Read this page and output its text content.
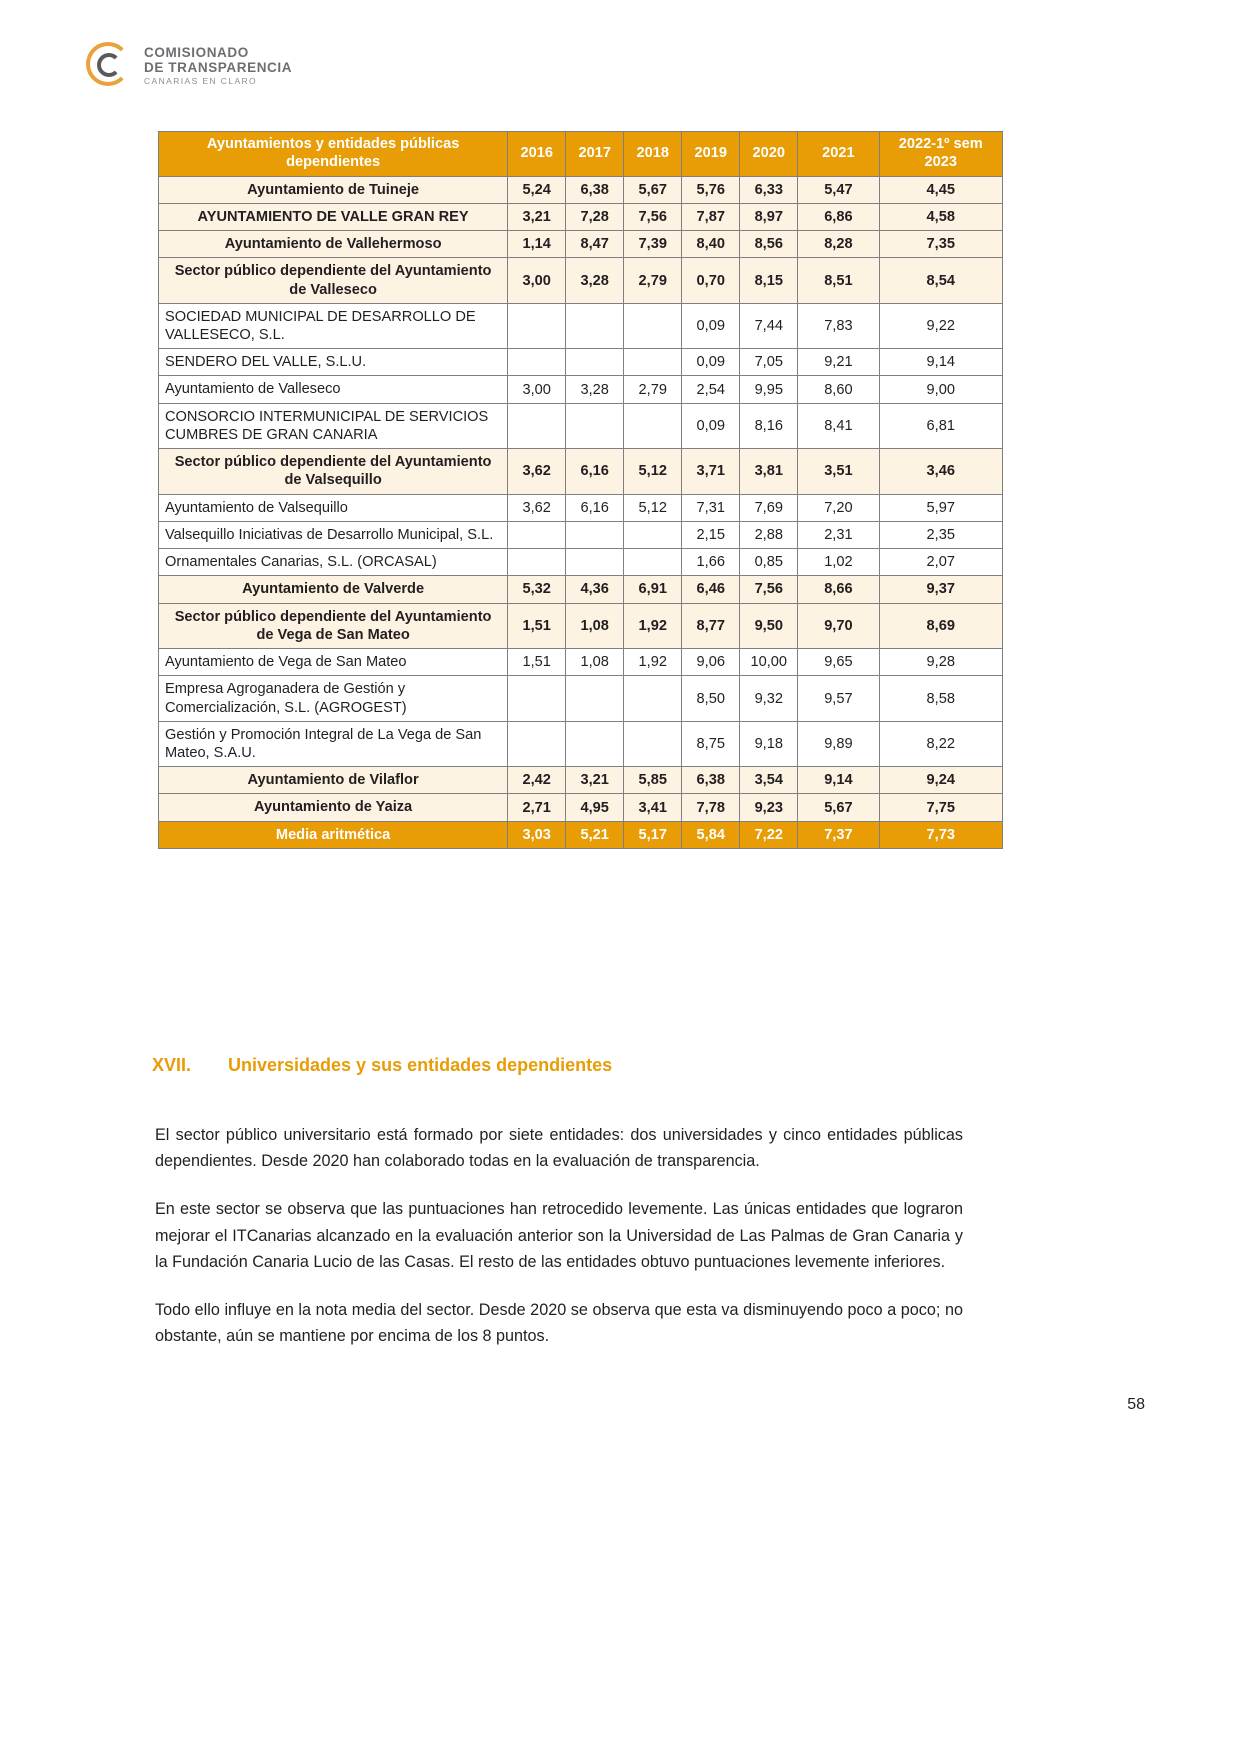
COMISIONADO
DE TRANSPARENCIA
CANARIAS EN CLARO
Ayuntamientos y entidades públicas dependientes	2016	2017	2018	2019	2020	2021	2022-1º sem 2023
Ayuntamiento de Tuineje	5,24	6,38	5,67	5,76	6,33	5,47	4,45
AYUNTAMIENTO DE VALLE GRAN REY	3,21	7,28	7,56	7,87	8,97	6,86	4,58
Ayuntamiento de Vallehermoso	1,14	8,47	7,39	8,40	8,56	8,28	7,35
Sector público dependiente del Ayuntamiento de Valleseco	3,00	3,28	2,79	0,70	8,15	8,51	8,54
SOCIEDAD MUNICIPAL DE DESARROLLO DE VALLESECO, S.L.				0,09	7,44	7,83	9,22
SENDERO DEL VALLE, S.L.U.				0,09	7,05	9,21	9,14
Ayuntamiento de Valleseco	3,00	3,28	2,79	2,54	9,95	8,60	9,00
CONSORCIO INTERMUNICIPAL DE SERVICIOS CUMBRES DE GRAN CANARIA				0,09	8,16	8,41	6,81
Sector público dependiente del Ayuntamiento de Valsequillo	3,62	6,16	5,12	3,71	3,81	3,51	3,46
Ayuntamiento de Valsequillo	3,62	6,16	5,12	7,31	7,69	7,20	5,97
Valsequillo Iniciativas de Desarrollo Municipal, S.L.				2,15	2,88	2,31	2,35
Ornamentales Canarias, S.L. (ORCASAL)				1,66	0,85	1,02	2,07
Ayuntamiento de Valverde	5,32	4,36	6,91	6,46	7,56	8,66	9,37
Sector público dependiente del Ayuntamiento de Vega de San Mateo	1,51	1,08	1,92	8,77	9,50	9,70	8,69
Ayuntamiento de Vega de San Mateo	1,51	1,08	1,92	9,06	10,00	9,65	9,28
Empresa Agroganadera de Gestión y Comercialización, S.L. (AGROGEST)				8,50	9,32	9,57	8,58
Gestión y Promoción Integral de La Vega de San Mateo, S.A.U.				8,75	9,18	9,89	8,22
Ayuntamiento de Vilaflor	2,42	3,21	5,85	6,38	3,54	9,14	9,24
Ayuntamiento de Yaiza	2,71	4,95	3,41	7,78	9,23	5,67	7,75
Media aritmética	3,03	5,21	5,17	5,84	7,22	7,37	7,73
XVII. Universidades y sus entidades dependientes

El sector público universitario está formado por siete entidades: dos universidades y cinco entidades públicas dependientes. Desde 2020 han colaborado todas en la evaluación de transparencia.

En este sector se observa que las puntuaciones han retrocedido levemente. Las únicas entidades que lograron mejorar el ITCanarias alcanzado en la evaluación anterior son la Universidad de Las Palmas de Gran Canaria y la Fundación Canaria Lucio de las Casas. El resto de las entidades obtuvo puntuaciones levemente inferiores.

Todo ello influye en la nota media del sector. Desde 2020 se observa que esta va disminuyendo poco a poco; no obstante, aún se mantiene por encima de los 8 puntos.

58
